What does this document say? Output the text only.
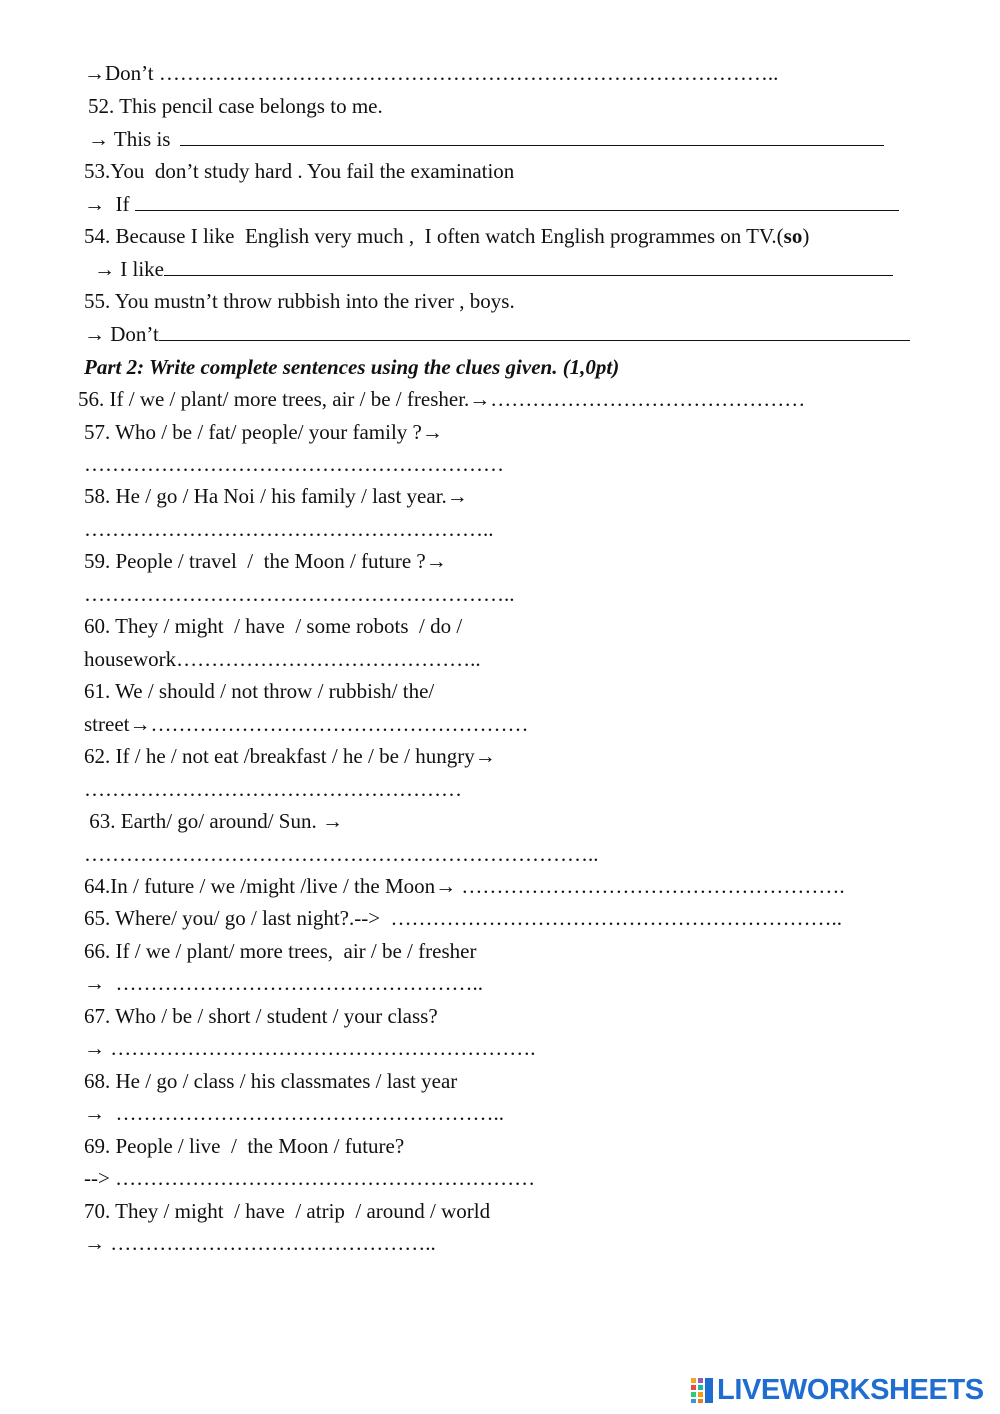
→Don’t ……………………………………………………………………………..
52. This pencil case belongs to me.
→ This is
53.You  don’t study hard . You fail the examination
→  If
54. Because I like  English very much ,  I often watch English programmes on TV.(so)
→ I like
55. You mustn’t throw rubbish into the river , boys.
→ Don’t
Part 2: Write complete sentences using the clues given. (1,0pt)
56. If / we / plant/ more trees, air / be / fresher.→………………………………………
57. Who / be / fat/ people/ your family ?→
……………………………………………………
58. He / go / Ha Noi / his family / last year.→
…………………………………………………..
59. People / travel  /  the Moon / future ?→
……………………………………………………..
60. They / might  / have  / some robots  / do /
housework……………………………………..
61. We / should / not throw / rubbish/ the/
street→………………………………………………
62. If / he / not eat /breakfast / he / be / hungry→
………………………………………………
63. Earth/ go/ around/ Sun. →
………………………………………………………………..
64.In / future / we /might /live / the Moon→ ……………………………………………….
65. Where/ you/ go / last night?.-->  ………………………………………………………..
66. If / we / plant/ more trees,  air / be / fresher
→  ……………………………………………..
67. Who / be / short / student / your class?
→ …………………………………………………….
68. He / go / class / his classmates / last year
→  ………………………………………………..
69. People / live  /  the Moon / future?
--> ……………………………………………………
70. They / might  / have  / atrip  / around / world
→ ………………………………………..
LIVEWORKSHEETS
